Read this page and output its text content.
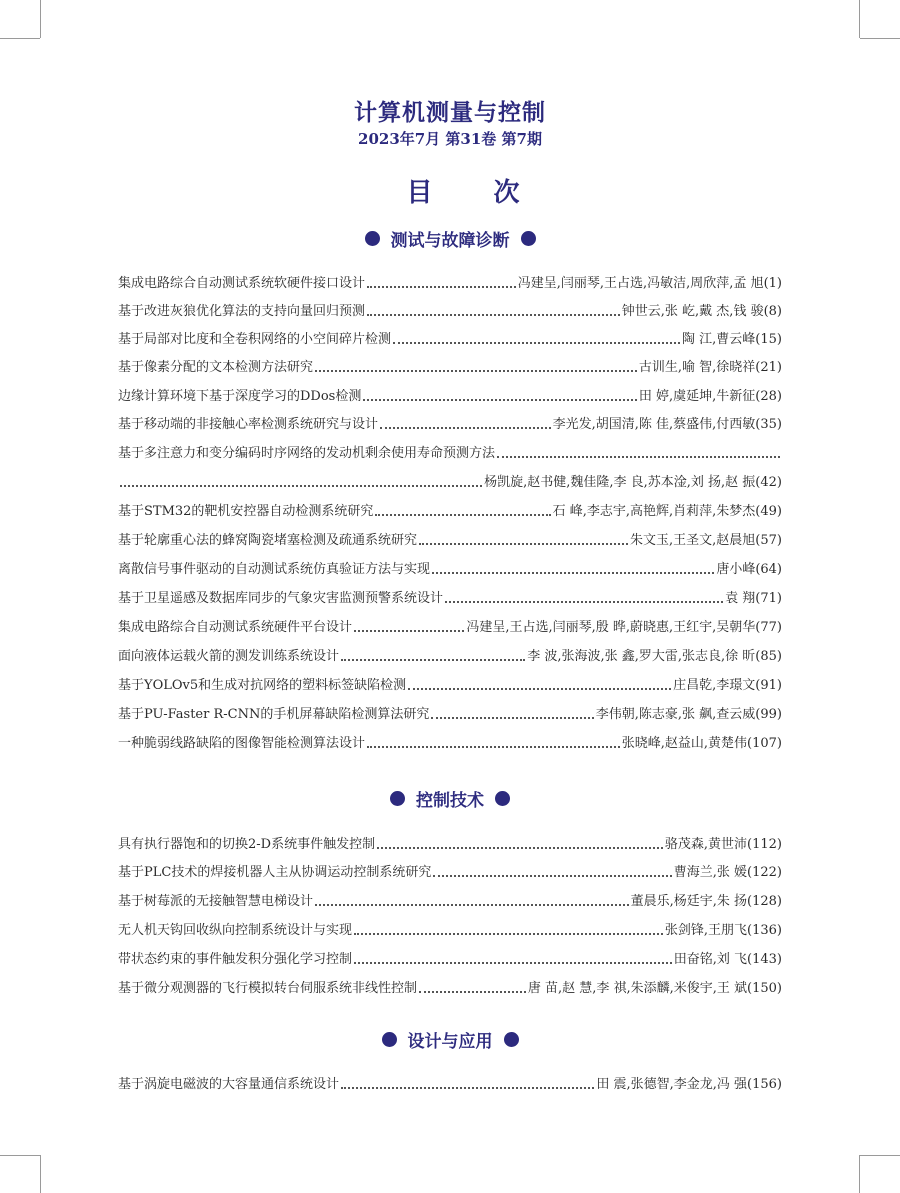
计算机测量与控制
2023年7月 第31卷 第7期
目 次
测试与故障诊断
集成电路综合自动测试系统软硬件接口设计	冯建呈,闫丽琴,王占选,冯敏洁,周欣萍,孟 旭(1)
基于改进灰狼优化算法的支持向量回归预测	钟世云,张 屹,戴 杰,钱 骏(8)
基于局部对比度和全卷积网络的小空间碎片检测	陶 江,曹云峰(15)
基于像素分配的文本检测方法研究	古训生,喻 智,徐晓祥(21)
边缘计算环境下基于深度学习的DDos检测	田 婷,虞延坤,牛新征(28)
基于移动端的非接触心率检测系统研究与设计	李光发,胡国清,陈 佳,蔡盛伟,付西敏(35)
基于多注意力和变分编码时序网络的发动机剩余使用寿命预测方法
杨凯旋,赵书健,魏佳隆,李 良,苏本淦,刘 扬,赵 振(42)
基于STM32的靶机安控器自动检测系统研究	石 峰,李志宇,高艳辉,肖莉萍,朱梦杰(49)
基于轮廓重心法的蜂窝陶瓷堵塞检测及疏通系统研究	朱文玉,王圣文,赵晨旭(57)
离散信号事件驱动的自动测试系统仿真验证方法与实现	唐小峰(64)
基于卫星遥感及数据库同步的气象灾害监测预警系统设计	袁 翔(71)
集成电路综合自动测试系统硬件平台设计	冯建呈,王占选,闫丽琴,殷 晔,蔚晓惠,王红宇,吴朝华(77)
面向液体运载火箭的测发训练系统设计	李 波,张海波,张 鑫,罗大雷,张志良,徐 昕(85)
基于YOLOv5和生成对抗网络的塑料标签缺陷检测	庄昌乾,李璟文(91)
基于PU-Faster R-CNN的手机屏幕缺陷检测算法研究	李伟朝,陈志豪,张 飙,查云威(99)
一种脆弱线路缺陷的图像智能检测算法设计	张晓峰,赵益山,黄楚伟(107)
控制技术
具有执行器饱和的切换2-D系统事件触发控制	骆茂森,黄世沛(112)
基于PLC技术的焊接机器人主从协调运动控制系统研究	曹海兰,张 媛(122)
基于树莓派的无接触智慧电梯设计	董晨乐,杨廷宇,朱 扬(128)
无人机天钩回收纵向控制系统设计与实现	张剑锋,王朋飞(136)
带状态约束的事件触发积分强化学习控制	田奋铭,刘 飞(143)
基于微分观测器的飞行模拟转台伺服系统非线性控制	唐 苗,赵 慧,李 祺,朱添麟,米俊宇,王 斌(150)
设计与应用
基于涡旋电磁波的大容量通信系统设计	田 震,张德智,李金龙,冯 强(156)
